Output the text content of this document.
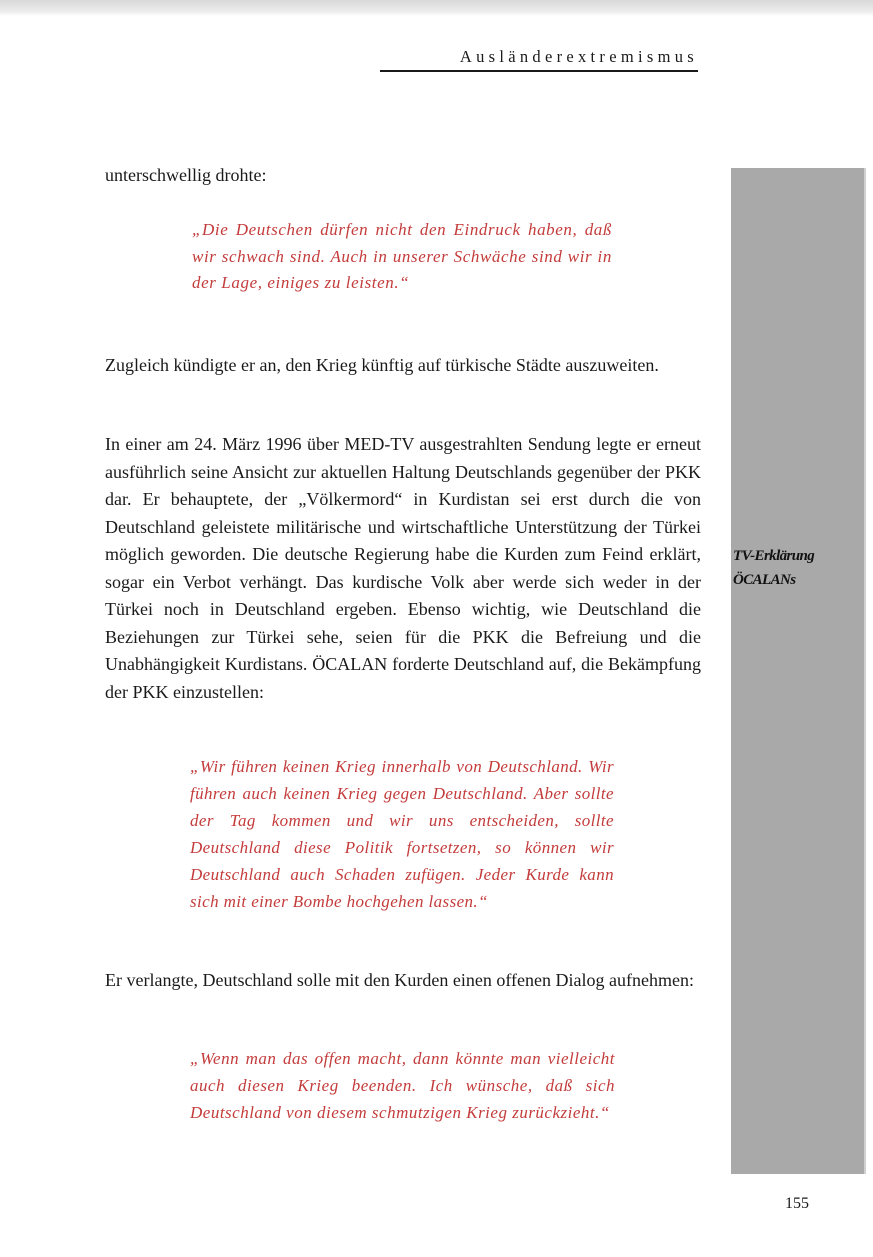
Ausländerextremismus
TV-Erklärung
ÖCALANs
unterschwellig drohte:
„Die Deutschen dürfen nicht den Eindruck haben, daß wir schwach sind. Auch in unserer Schwäche sind wir in der Lage, einiges zu leisten.“
Zugleich kündigte er an, den Krieg künftig auf türkische Städte auszuweiten.
In einer am 24. März 1996 über MED-TV ausgestrahlten Sendung legte er erneut ausführlich seine Ansicht zur aktuellen Haltung Deutschlands gegenüber der PKK dar. Er behauptete, der „Völkermord“ in Kurdistan sei erst durch die von Deutschland geleistete militärische und wirtschaftliche Unterstützung der Türkei möglich geworden. Die deutsche Regierung habe die Kurden zum Feind erklärt, sogar ein Verbot verhängt. Das kurdische Volk aber werde sich weder in der Türkei noch in Deutschland ergeben. Ebenso wichtig, wie Deutschland die Beziehungen zur Türkei sehe, seien für die PKK die Befreiung und die Unabhängigkeit Kurdistans. ÖCALAN forderte Deutschland auf, die Bekämpfung der PKK einzustellen:
„Wir führen keinen Krieg innerhalb von Deutschland. Wir führen auch keinen Krieg gegen Deutschland. Aber sollte der Tag kommen und wir uns entscheiden, sollte Deutschland diese Politik fortsetzen, so können wir Deutschland auch Schaden zufügen. Jeder Kurde kann sich mit einer Bombe hochgehen lassen.“
Er verlangte, Deutschland solle mit den Kurden einen offenen Dialog aufnehmen:
„Wenn man das offen macht, dann könnte man vielleicht auch diesen Krieg beenden. Ich wünsche, daß sich Deutschland von diesem schmutzigen Krieg zurückzieht.“
155
